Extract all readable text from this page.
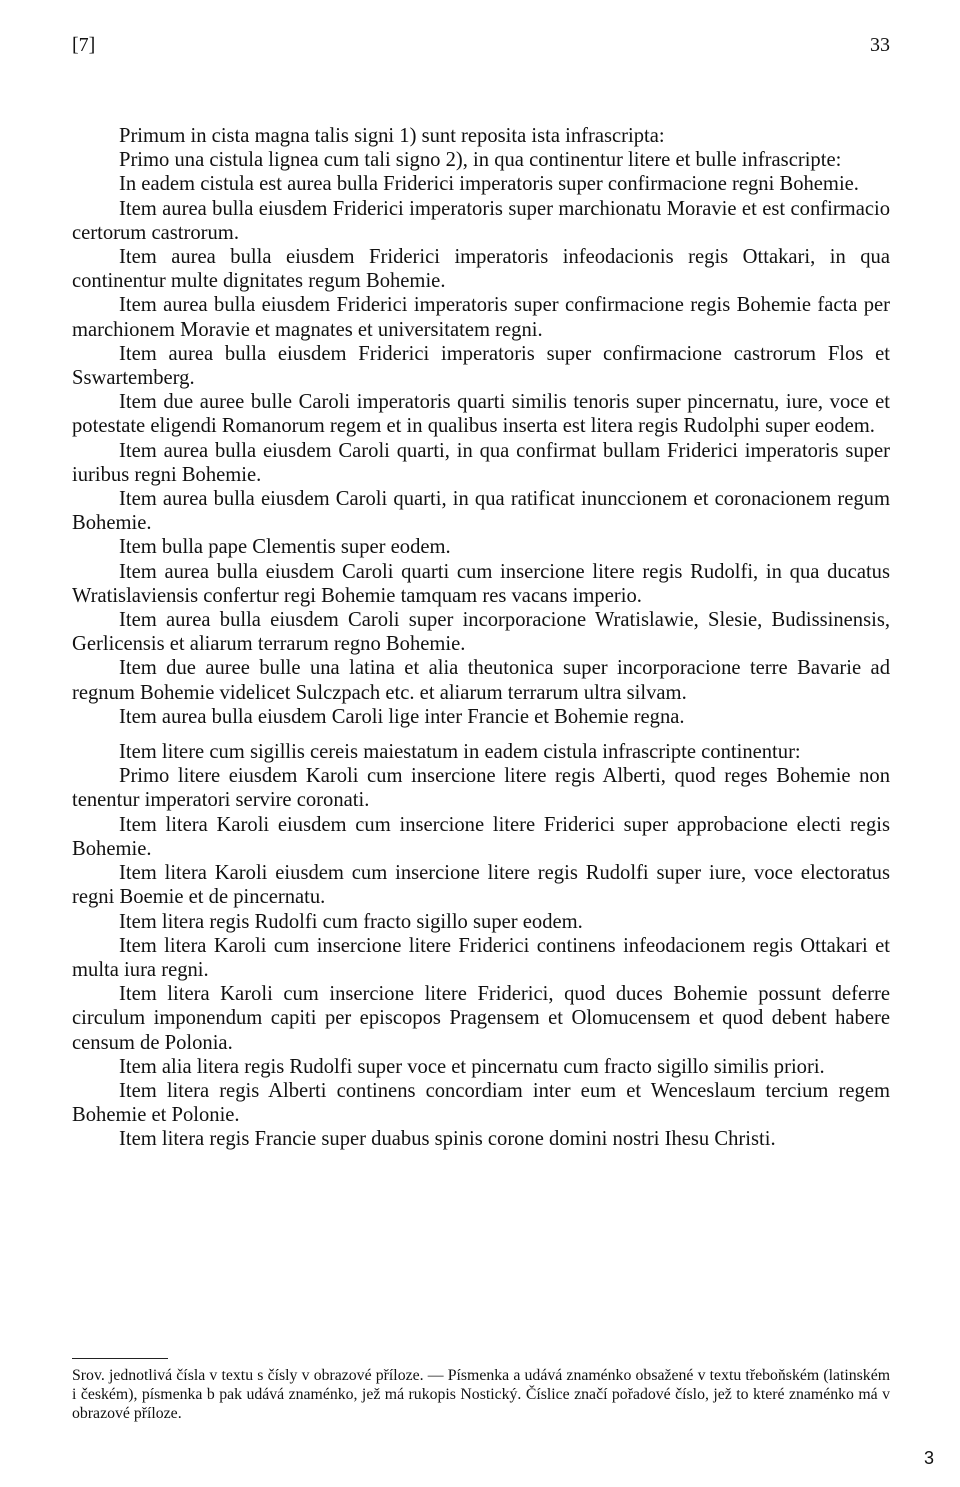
[7]	33

Primum in cista magna talis signi 1) sunt reposita ista infrascripta:

Primo una cistula lignea cum tali signo 2), in qua continentur litere et bulle infrascripte:

In eadem cistula est aurea bulla Friderici imperatoris super confirmacione regni Bohemie.

Item aurea bulla eiusdem Friderici imperatoris super marchionatu Moravie et est confirmacio certorum castrorum.

Item aurea bulla eiusdem Friderici imperatoris infeodacionis regis Ottakari, in qua continentur multe dignitates regum Bohemie.

Item aurea bulla eiusdem Friderici imperatoris super confirmacione regis Bohemie facta per marchionem Moravie et magnates et universitatem regni.

Item aurea bulla eiusdem Friderici imperatoris super confirmacione castrorum Flos et Sswartemberg.

Item due auree bulle Caroli imperatoris quarti similis tenoris super pincernatu, iure, voce et potestate eligendi Romanorum regem et in qualibus inserta est litera regis Rudolphi super eodem.

Item aurea bulla eiusdem Caroli quarti, in qua confirmat bullam Friderici imperatoris super iuribus regni Bohemie.

Item aurea bulla eiusdem Caroli quarti, in qua ratificat inunccionem et coronacionem regum Bohemie.

Item bulla pape Clementis super eodem.

Item aurea bulla eiusdem Caroli quarti cum insercione litere regis Rudolfi, in qua ducatus Wratislaviensis confertur regi Bohemie tamquam res vacans imperio.

Item aurea bulla eiusdem Caroli super incorporacione Wratislawie, Slesie, Budissinensis, Gerlicensis et aliarum terrarum regno Bohemie.

Item due auree bulle una latina et alia theutonica super incorporacione terre Bavarie ad regnum Bohemie videlicet Sulczpach etc. et aliarum terrarum ultra silvam.

Item aurea bulla eiusdem Caroli lige inter Francie et Bohemie regna.

Item litere cum sigillis cereis maiestatum in eadem cistula infrascripte continentur:

Primo litere eiusdem Karoli cum insercione litere regis Alberti, quod reges Bohemie non tenentur imperatori servire coronati.

Item litera Karoli eiusdem cum insercione litere Friderici super approbacione electi regis Bohemie.

Item litera Karoli eiusdem cum insercione litere regis Rudolfi super iure, voce electoratus regni Boemie et de pincernatu.

Item litera regis Rudolfi cum fracto sigillo super eodem.

Item litera Karoli cum insercione litere Friderici continens infeodacionem regis Ottakari et multa iura regni.

Item litera Karoli cum insercione litere Friderici, quod duces Bohemie possunt deferre circulum imponendum capiti per episcopos Pragensem et Olomucensem et quod debent habere censum de Polonia.

Item alia litera regis Rudolfi super voce et pincernatu cum fracto sigillo similis priori.

Item litera regis Alberti continens concordiam inter eum et Wenceslaum tercium regem Bohemie et Polonie.

Item litera regis Francie super duabus spinis corone domini nostri Ihesu Christi.

Srov. jednotlivá čísla v textu s čísly v obrazové příloze. — Písmenka a udává znaménko obsažené v textu třeboňském (latinském i českém), písmenka b pak udává znaménko, jež má rukopis Nostický. Číslice značí pořadové číslo, jež to které znaménko má v obrazové příloze.
3
